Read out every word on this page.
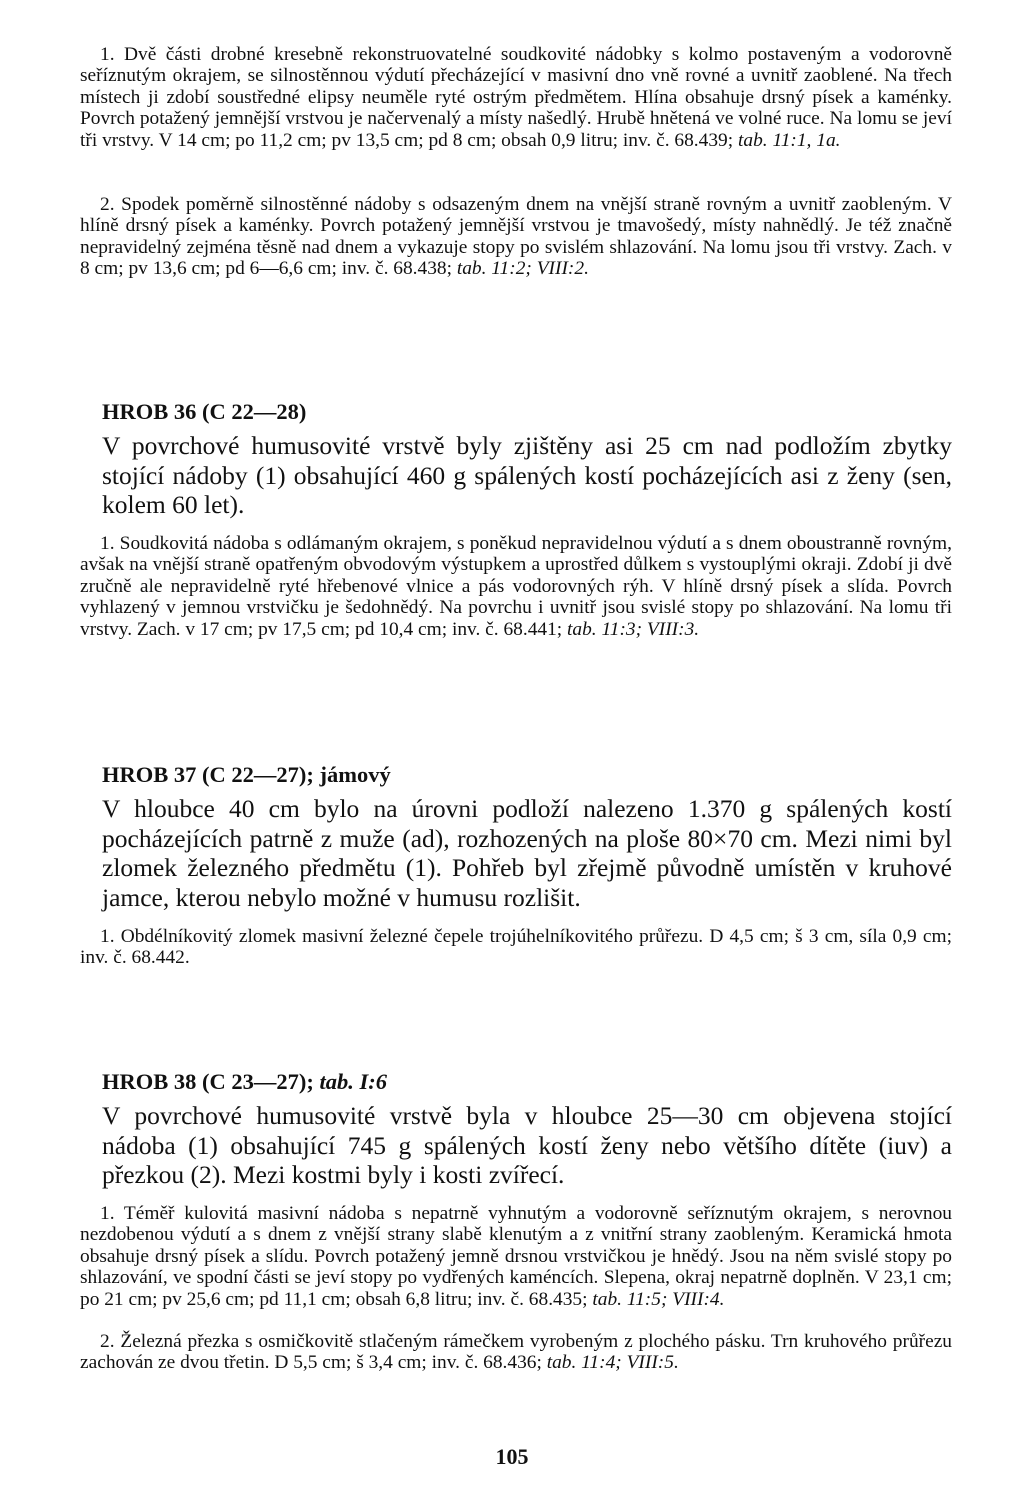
1. Dvě části drobné kresebně rekonstruovatelné soudkovité nádobky s kolmo postaveným a vodorovně seříznutým okrajem, se silnostěnnou výdutí přecházející v masivní dno vně rovné a uvnitř zaoblené. Na třech místech ji zdobí soustředné elipsy neuměle ryté ostrým předmětem. Hlína obsahuje drsný písek a kaménky. Povrch potažený jemnější vrstvou je načervenalý a místy našedlý. Hrubě hnětená ve volné ruce. Na lomu se jeví tři vrstvy. V 14 cm; po 11,2 cm; pv 13,5 cm; pd 8 cm; obsah 0,9 litru; inv. č. 68.439; tab. 11:1, 1a.

2. Spodek poměrně silnostěnné nádoby s odsazeným dnem na vnější straně rovným a uvnitř zaobleným. V hlíně drsný písek a kaménky. Povrch potažený jemnější vrstvou je tmavošedý, místy nahnědlý. Je též značně nepravidelný zejména těsně nad dnem a vykazuje stopy po svislém shlazování. Na lomu jsou tři vrstvy. Zach. v 8 cm; pv 13,6 cm; pd 6—6,6 cm; inv. č. 68.438; tab. 11:2; VIII:2.

HROB 36 (C 22—28)

V povrchové humusovité vrstvě byly zjištěny asi 25 cm nad podložím zbytky stojící nádoby (1) obsahující 460 g spálených kostí pocházejících asi z ženy (sen, kolem 60 let).

1. Soudkovitá nádoba s odlámaným okrajem, s poněkud nepravidelnou výdutí a s dnem oboustranně rovným, avšak na vnější straně opatřeným obvodovým výstupkem a uprostřed důlkem s vystouplými okraji. Zdobí ji dvě zručně ale nepravidelně ryté hřebenové vlnice a pás vodorovných rýh. V hlíně drsný písek a slída. Povrch vyhlazený v jemnou vrstvičku je šedohnědý. Na povrchu i uvnitř jsou svislé stopy po shlazování. Na lomu tři vrstvy. Zach. v 17 cm; pv 17,5 cm; pd 10,4 cm; inv. č. 68.441; tab. 11:3; VIII:3.

HROB 37 (C 22—27); jámový

V hloubce 40 cm bylo na úrovni podloží nalezeno 1.370 g spálených kostí pocházejících patrně z muže (ad), rozhozených na ploše 80×70 cm. Mezi nimi byl zlomek železného předmětu (1). Pohřeb byl zřejmě původně umístěn v kruhové jamce, kterou nebylo možné v humusu rozlišit.

1. Obdélníkovitý zlomek masivní železné čepele trojúhelníkovitého průřezu. D 4,5 cm; š 3 cm, síla 0,9 cm; inv. č. 68.442.

HROB 38 (C 23—27); tab. I:6

V povrchové humusovité vrstvě byla v hloubce 25—30 cm objevena stojící nádoba (1) obsahující 745 g spálených kostí ženy nebo většího dítěte (iuv) a přezkou (2). Mezi kostmi byly i kosti zvířecí.

1. Téměř kulovitá masivní nádoba s nepatrně vyhnutým a vodorovně seříznutým okrajem, s nerovnou nezdobenou výdutí a s dnem z vnější strany slabě klenutým a z vnitřní strany zaobleným. Keramická hmota obsahuje drsný písek a slídu. Povrch potažený jemně drsnou vrstvičkou je hnědý. Jsou na něm svislé stopy po shlazování, ve spodní části se jeví stopy po vydřených kaméncích. Slepena, okraj nepatrně doplněn. V 23,1 cm; po 21 cm; pv 25,6 cm; pd 11,1 cm; obsah 6,8 litru; inv. č. 68.435; tab. 11:5; VIII:4.

2. Železná přezka s osmičkovitě stlačeným rámečkem vyrobeným z plochého pásku. Trn kruhového průřezu zachován ze dvou třetin. D 5,5 cm; š 3,4 cm; inv. č. 68.436; tab. 11:4; VIII:5.

105
